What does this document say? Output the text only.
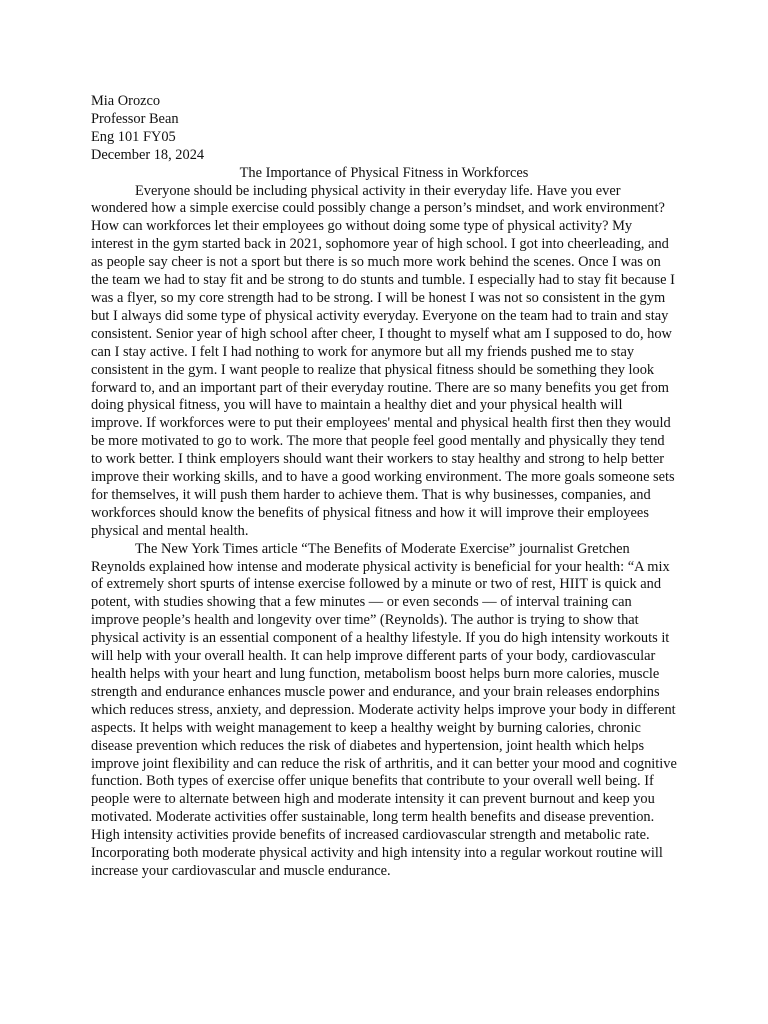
Mia Orozco
Professor Bean
Eng 101 FY05
December 18, 2024
The Importance of Physical Fitness in Workforces

Everyone should be including physical activity in their everyday life. Have you ever wondered how a simple exercise could possibly change a person’s mindset, and work environment? How can workforces let their employees go without doing some type of physical activity? My interest in the gym started back in 2021, sophomore year of high school. I got into cheerleading, and as people say cheer is not a sport but there is so much more work behind the scenes. Once I was on the team we had to stay fit and be strong to do stunts and tumble. I especially had to stay fit because I was a flyer, so my core strength had to be strong. I will be honest I was not so consistent in the gym but I always did some type of physical activity everyday. Everyone on the team had to train and stay consistent. Senior year of high school after cheer, I thought to myself what am I supposed to do, how can I stay active. I felt I had nothing to work for anymore but all my friends pushed me to stay consistent in the gym. I want people to realize that physical fitness should be something they look forward to, and an important part of their everyday routine. There are so many benefits you get from doing physical fitness, you will have to maintain a healthy diet and your physical health will improve. If workforces were to put their employees' mental and physical health first then they would be more motivated to go to work. The more that people feel good mentally and physically they tend to work better. I think employers should want their workers to stay healthy and strong to help better improve their working skills, and to have a good working environment. The more goals someone sets for themselves, it will push them harder to achieve them. That is why businesses, companies, and workforces should know the benefits of physical fitness and how it will improve their employees physical and mental health.

The New York Times article “The Benefits of Moderate Exercise” journalist Gretchen Reynolds explained how intense and moderate physical activity is beneficial for your health: “A mix of extremely short spurts of intense exercise followed by a minute or two of rest, HIIT is quick and potent, with studies showing that a few minutes — or even seconds — of interval training can improve people’s health and longevity over time” (Reynolds). The author is trying to show that physical activity is an essential component of a healthy lifestyle. If you do high intensity workouts it will help with your overall health. It can help improve different parts of your body, cardiovascular health helps with your heart and lung function, metabolism boost helps burn more calories, muscle strength and endurance enhances muscle power and endurance, and your brain releases endorphins which reduces stress, anxiety, and depression. Moderate activity helps improve your body in different aspects. It helps with weight management to keep a healthy weight by burning calories, chronic disease prevention which reduces the risk of diabetes and hypertension, joint health which helps improve joint flexibility and can reduce the risk of arthritis, and it can better your mood and cognitive function. Both types of exercise offer unique benefits that contribute to your overall well being. If people were to alternate between high and moderate intensity it can prevent burnout and keep you motivated. Moderate activities offer sustainable, long term health benefits and disease prevention. High intensity activities provide benefits of increased cardiovascular strength and metabolic rate. Incorporating both moderate physical activity and high intensity into a regular workout routine will increase your cardiovascular and muscle endurance.
